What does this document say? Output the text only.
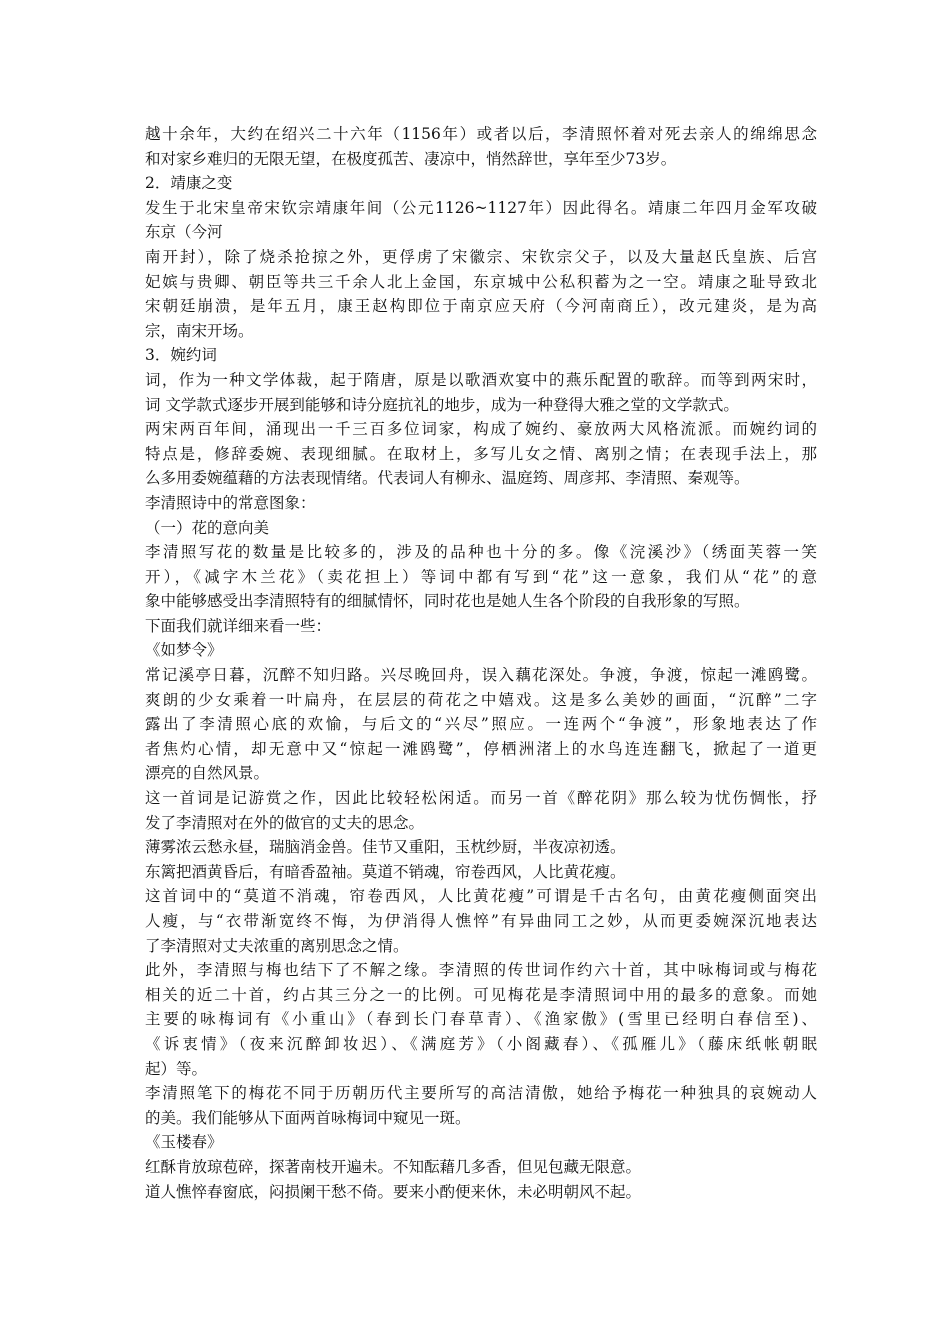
越十余年，大约在绍兴二十六年（1156年）或者以后，李清照怀着对死去亲人的绵绵思念
和对家乡难归的无限无望，在极度孤苦、凄凉中，悄然辞世，享年至少73岁。
2．靖康之变
发生于北宋皇帝宋钦宗靖康年间（公元1126~1127年）因此得名。靖康二年四月金军攻破
东京（今河
南开封），除了烧杀抢掠之外，更俘虏了宋徽宗、宋钦宗父子，以及大量赵氏皇族、后宫
妃嫔与贵卿、朝臣等共三千余人北上金国，东京城中公私积蓄为之一空。靖康之耻导致北
宋朝廷崩溃，是年五月，康王赵构即位于南京应天府（今河南商丘），改元建炎，是为高
宗，南宋开场。
3．婉约词
词，作为一种文学体裁，起于隋唐，原是以歌酒欢宴中的燕乐配置的歌辞。而等到两宋时，
词 文学款式逐步开展到能够和诗分庭抗礼的地步，成为一种登得大雅之堂的文学款式。
两宋两百年间，涌现出一千三百多位词家，构成了婉约、豪放两大风格流派。而婉约词的
特点是，修辞委婉、表现细腻。在取材上，多写儿女之情、离别之情；在表现手法上，那
么多用委婉蕴藉的方法表现情绪。代表词人有柳永、温庭筠、周彦邦、李清照、秦观等。
李清照诗中的常意图象：
（一）花的意向美
李清照写花的数量是比较多的，涉及的品种也十分的多。像《浣溪沙》（绣面芙蓉一笑
开），《减字木兰花》（卖花担上）等词中都有写到“花”这一意象，我们从“花”的意
象中能够感受出李清照特有的细腻情怀，同时花也是她人生各个阶段的自我形象的写照。
下面我们就详细来看一些：
《如梦令》
常记溪亭日暮，沉醉不知归路。兴尽晚回舟，误入藕花深处。争渡，争渡，惊起一滩鸥鹭。
爽朗的少女乘着一叶扁舟，在层层的荷花之中嬉戏。这是多么美妙的画面，“沉醉”二字
露出了李清照心底的欢愉，与后文的“兴尽”照应。一连两个“争渡”，形象地表达了作
者焦灼心情，却无意中又“惊起一滩鸥鹭”，停栖洲渚上的水鸟连连翻飞，掀起了一道更
漂亮的自然风景。
这一首词是记游赏之作，因此比较轻松闲适。而另一首《醉花阴》那么较为忧伤惆怅，抒
发了李清照对在外的做官的丈夫的思念。
薄雾浓云愁永昼，瑞脑消金兽。佳节又重阳，玉枕纱厨，半夜凉初透。
东篱把酒黄昏后，有暗香盈袖。莫道不销魂，帘卷西风，人比黄花瘦。
这首词中的“莫道不消魂，帘卷西风，人比黄花瘦”可谓是千古名句，由黄花瘦侧面突出
人瘦，与“衣带渐宽终不悔，为伊消得人憔悴”有异曲同工之妙，从而更委婉深沉地表达
了李清照对丈夫浓重的离别思念之情。
此外，李清照与梅也结下了不解之缘。李清照的传世词作约六十首，其中咏梅词或与梅花
相关的近二十首，约占其三分之一的比例。可见梅花是李清照词中用的最多的意象。而她
主要的咏梅词有《小重山》（春到长门春草青）、《渔家傲》(雪里已经明白春信至)、
《诉衷情》（夜来沉醉卸妆迟）、《满庭芳》（小阁藏春）、《孤雁儿》（藤床纸帐朝眠
起）等。
李清照笔下的梅花不同于历朝历代主要所写的高洁清傲，她给予梅花一种独具的哀婉动人
的美。我们能够从下面两首咏梅词中窥见一斑。
《玉楼春》
红酥肯放琼苞碎，探著南枝开遍未。不知酝藉几多香，但见包藏无限意。
道人憔悴春窗底，闷损阑干愁不倚。要来小酌便来休，未必明朝风不起。
